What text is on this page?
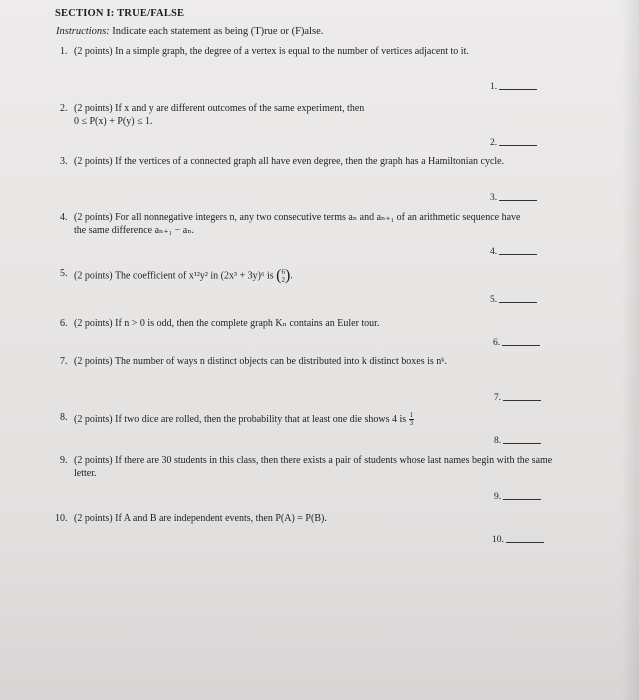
SECTION I: TRUE/FALSE
Instructions: Indicate each statement as being (T)rue or (F)alse.
1. (2 points) In a simple graph, the degree of a vertex is equal to the number of vertices adjacent to it.
1.
2. (2 points) If x and y are different outcomes of the same experiment, then
0 ≤ P(x) + P(y) ≤ 1.
2.
3. (2 points) If the vertices of a connected graph all have even degree, then the graph has a Hamiltonian cycle.
3.
4. (2 points) For all nonnegative integers n, any two consecutive terms aₙ and aₙ₊₁ of an arithmetic sequence have the same difference aₙ₊₁ − aₙ.
4.
5. (2 points) The coefficient of x¹²y² in (2x³ + 3y)⁶ is (6
2).
5.
6. (2 points) If n > 0 is odd, then the complete graph Kₙ contains an Euler tour.
6.
7. (2 points) The number of ways n distinct objects can be distributed into k distinct boxes is nᵏ.
7.
8. (2 points) If two dice are rolled, then the probability that at least one die shows 4 is $\frac{1}{3}$
8.
9. (2 points) If there are 30 students in this class, then there exists a pair of students whose last names begin with the same letter.
9.
10. (2 points) If A and B are independent events, then P(A) = P(B).
10.
